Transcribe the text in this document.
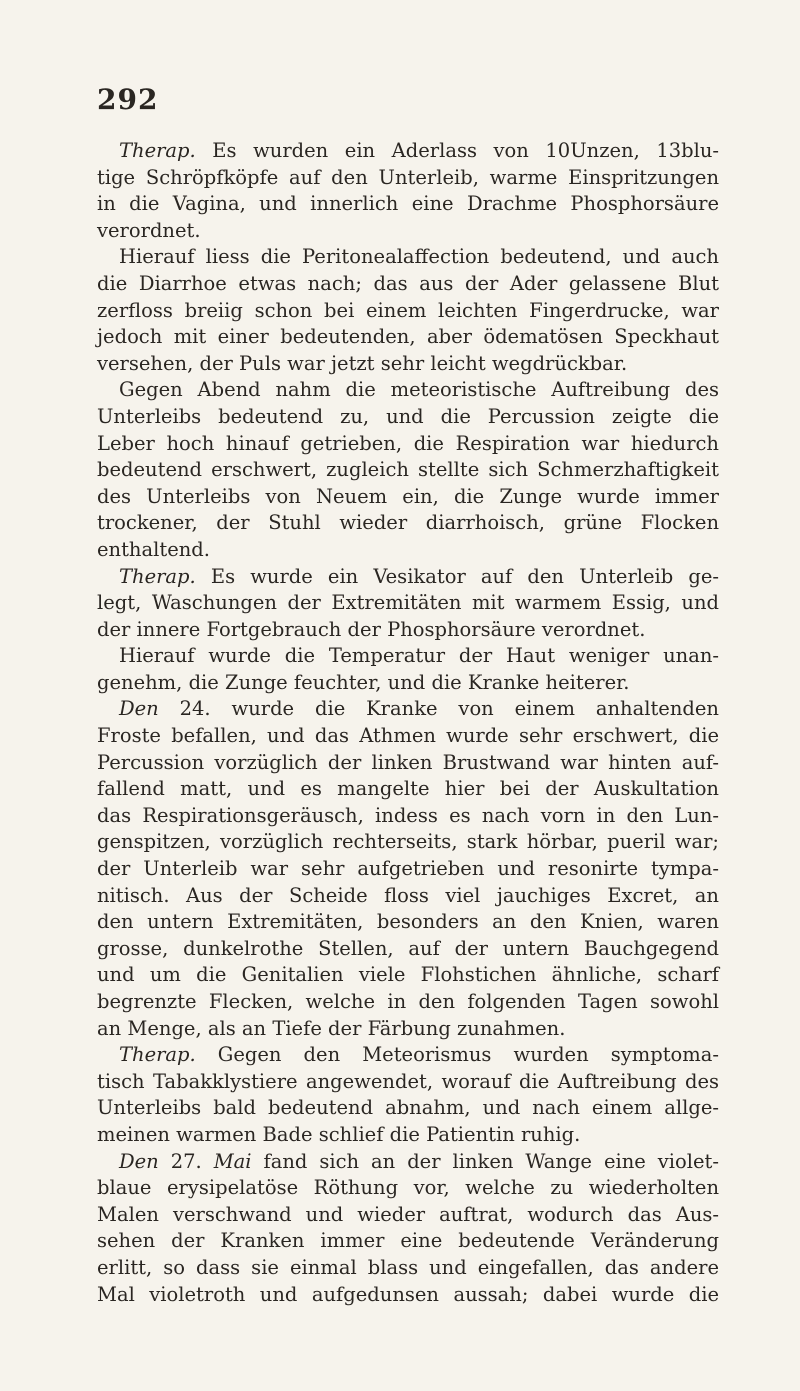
292
Therap. Es wurden ein Aderlass von 10Unzen, 13blu-
tige Schröpfköpfe auf den Unterleib, warme Einspritzungen
in die Vagina, und innerlich eine Drachme Phosphorsäure
verordnet.
Hierauf liess die Peritonealaffection bedeutend, und auch
die Diarrhoe etwas nach; das aus der Ader gelassene Blut
zerfloss breiig schon bei einem leichten Fingerdrucke, war
jedoch mit einer bedeutenden, aber ödematösen Speckhaut
versehen, der Puls war jetzt sehr leicht wegdrückbar.
Gegen Abend nahm die meteoristische Auftreibung des
Unterleibs bedeutend zu, und die Percussion zeigte die
Leber hoch hinauf getrieben, die Respiration war hiedurch
bedeutend erschwert, zugleich stellte sich Schmerzhaftigkeit
des Unterleibs von Neuem ein, die Zunge wurde immer
trockener, der Stuhl wieder diarrhoisch, grüne Flocken
enthaltend.
Therap. Es wurde ein Vesikator auf den Unterleib ge-
legt, Waschungen der Extremitäten mit warmem Essig, und
der innere Fortgebrauch der Phosphorsäure verordnet.
Hierauf wurde die Temperatur der Haut weniger unan-
genehm, die Zunge feuchter, und die Kranke heiterer.
Den 24. wurde die Kranke von einem anhaltenden
Froste befallen, und das Athmen wurde sehr erschwert, die
Percussion vorzüglich der linken Brustwand war hinten auf-
fallend matt, und es mangelte hier bei der Auskultation
das Respirationsgeräusch, indess es nach vorn in den Lun-
genspitzen, vorzüglich rechterseits, stark hörbar, pueril war;
der Unterleib war sehr aufgetrieben und resonirte tympa-
nitisch. Aus der Scheide floss viel jauchiges Excret, an
den untern Extremitäten, besonders an den Knien, waren
grosse, dunkelrothe Stellen, auf der untern Bauchgegend
und um die Genitalien viele Flohstichen ähnliche, scharf
begrenzte Flecken, welche in den folgenden Tagen sowohl
an Menge, als an Tiefe der Färbung zunahmen.
Therap. Gegen den Meteorismus wurden symptoma-
tisch Tabakklystiere angewendet, worauf die Auftreibung des
Unterleibs bald bedeutend abnahm, und nach einem allge-
meinen warmen Bade schlief die Patientin ruhig.
Den 27. Mai fand sich an der linken Wange eine violet-
blaue erysipelatöse Röthung vor, welche zu wiederholten
Malen verschwand und wieder auftrat, wodurch das Aus-
sehen der Kranken immer eine bedeutende Veränderung
erlitt, so dass sie einmal blass und eingefallen, das andere
Mal violetroth und aufgedunsen aussah; dabei wurde die
